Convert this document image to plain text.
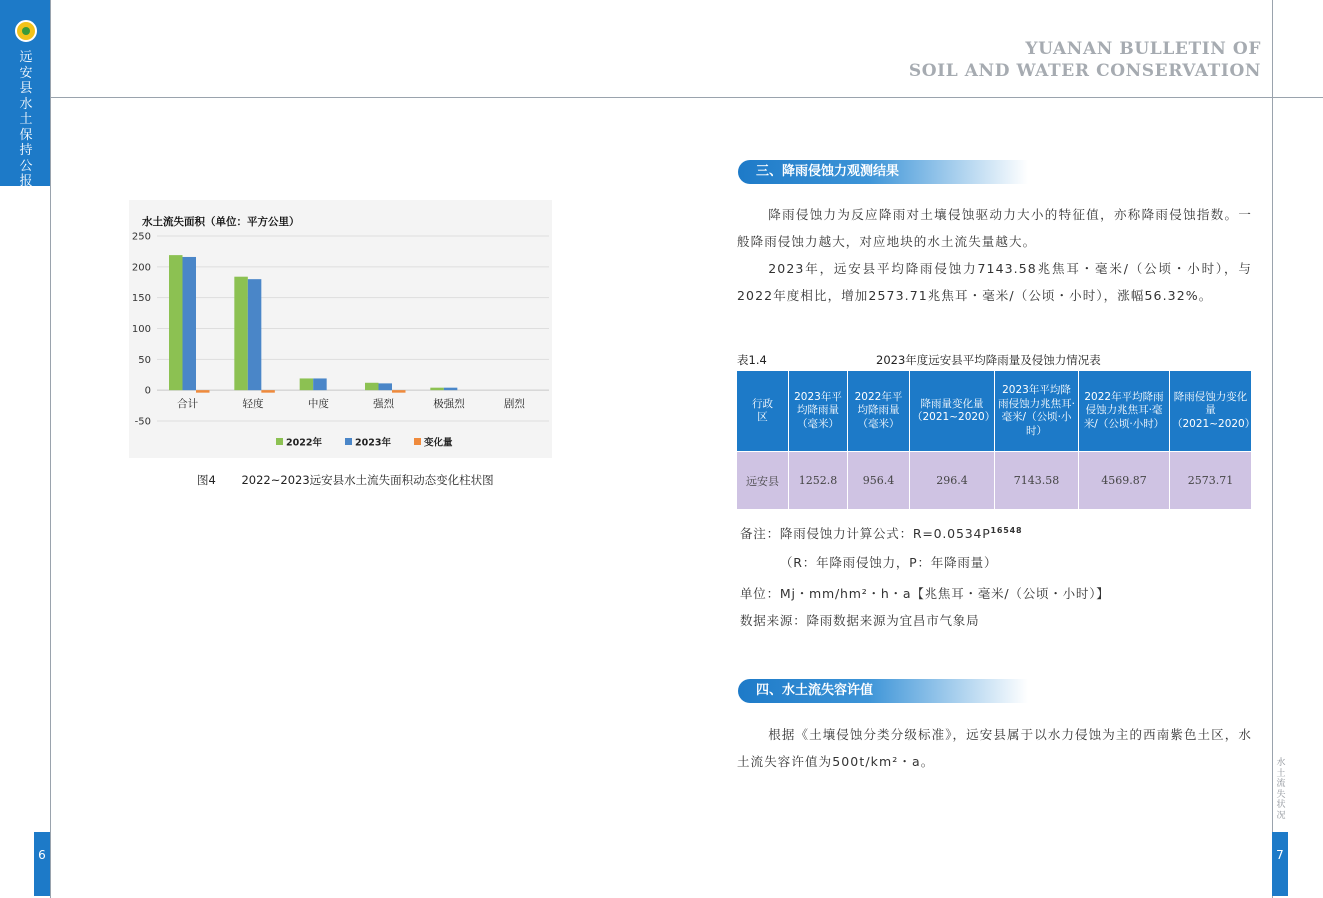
远安县水土保持公报
6	7
水土流失状况
YUANAN BULLETIN OF
SOIL AND WATER CONSERVATION
水土流失面积（单位：平方公里）
250
200
150
100
50
0
-50
合计	轻度	中度	强烈	极强烈	剧烈
2022年	2023年	变化量
图4 2022~2023远安县水土流失面积动态变化柱状图
三、降雨侵蚀力观测结果

降雨侵蚀力为反应降雨对土壤侵蚀驱动力大小的特征值，亦称降雨侵蚀指数。一般降雨侵蚀力越大，对应地块的水土流失量越大。

2023年，远安县平均降雨侵蚀力7143.58兆焦耳・毫米/（公顷・小时），与2022年度相比，增加2573.71兆焦耳・毫米/（公顷・小时），涨幅56.32%。

表1.4	2023年度远安县平均降雨量及侵蚀力情况表
行政区	2023年平均降雨量（毫米）	2022年平均降雨量（毫米）	降雨量变化量（2021~2020）	2023年平均降雨侵蚀力兆焦耳·毫米/（公顷·小时）	2022年平均降雨侵蚀力兆焦耳·毫米/（公顷·小时）	降雨侵蚀力变化量（2021~2020）
远安县	1252.8	956.4	296.4	7143.58	4569.87	2573.71
备注：降雨侵蚀力计算公式：$R=0.0534P^{16548}$
（R：年降雨侵蚀力，P：年降雨量）
单位：Mj・mm/hm²・h・a【兆焦耳・毫米/（公顷・小时）】
数据来源：降雨数据来源为宜昌市气象局
四、水土流失容许值

根据《土壤侵蚀分类分级标准》，远安县属于以水力侵蚀为主的西南紫色土区，水土流失容许值为500t/km²・a。
